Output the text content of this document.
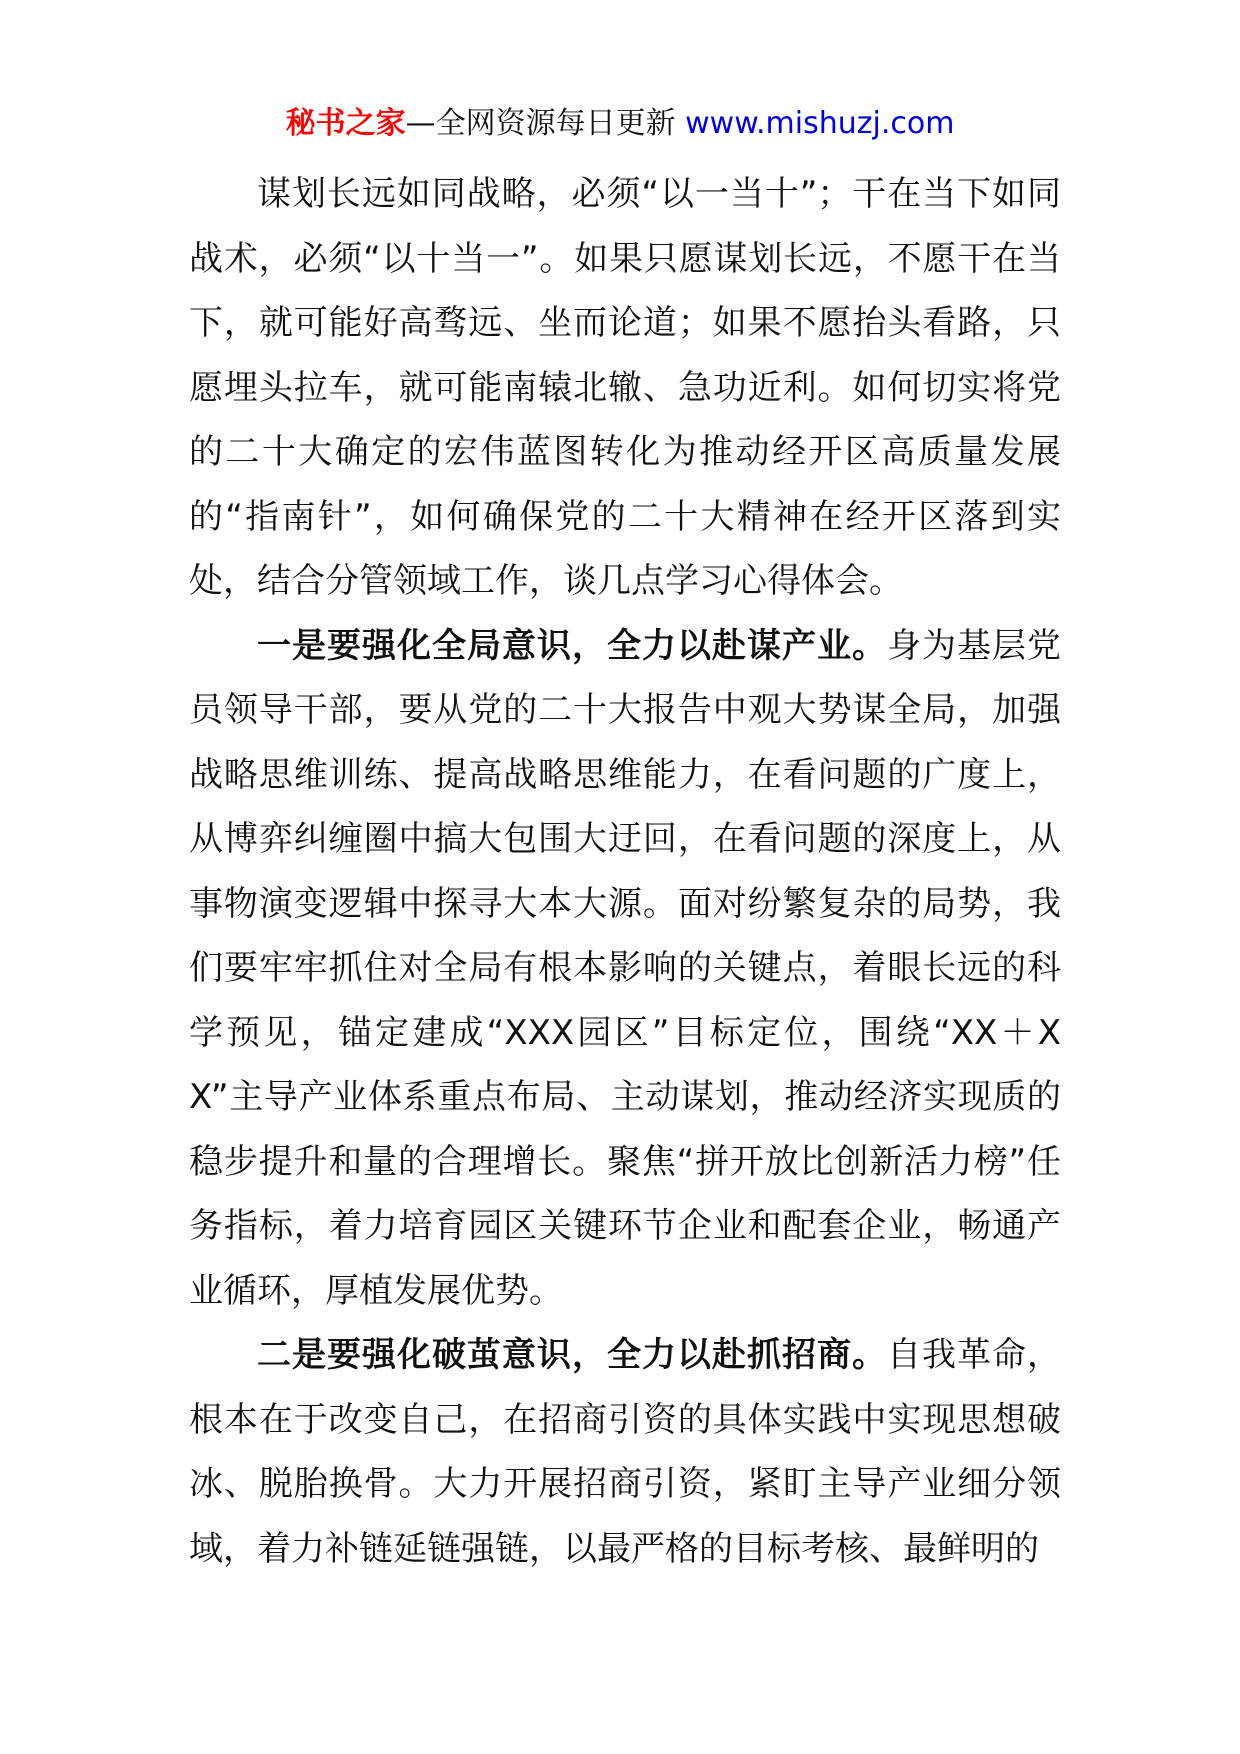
秘书之家—全网资源每日更新 www.mishuzj.com

谋划长远如同战略，必须“以一当十”；干在当下如同战术，必须“以十当一”。如果只愿谋划长远，不愿干在当下，就可能好高骛远、坐而论道；如果不愿抬头看路，只愿埋头拉车，就可能南辕北辙、急功近利。如何切实将党的二十大确定的宏伟蓝图转化为推动经开区高质量发展的“指南针”，如何确保党的二十大精神在经开区落到实处，结合分管领域工作，谈几点学习心得体会。

一是要强化全局意识，全力以赴谋产业。身为基层党员领导干部，要从党的二十大报告中观大势谋全局，加强战略思维训练、提高战略思维能力，在看问题的广度上，从博弈纠缠圈中搞大包围大迂回，在看问题的深度上，从事物演变逻辑中探寻大本大源。面对纷繁复杂的局势，我们要牢牢抓住对全局有根本影响的关键点，着眼长远的科学预见，锚定建成“XXX园区”目标定位，围绕“XX＋XX”主导产业体系重点布局、主动谋划，推动经济实现质的稳步提升和量的合理增长。聚焦“拼开放比创新活力榜”任务指标，着力培育园区关键环节企业和配套企业，畅通产业循环，厚植发展优势。

二是要强化破茧意识，全力以赴抓招商。自我革命，根本在于改变自己，在招商引资的具体实践中实现思想破冰、脱胎换骨。大力开展招商引资，紧盯主导产业细分领域，着力补链延链强链，以最严格的目标考核、最鲜明的
